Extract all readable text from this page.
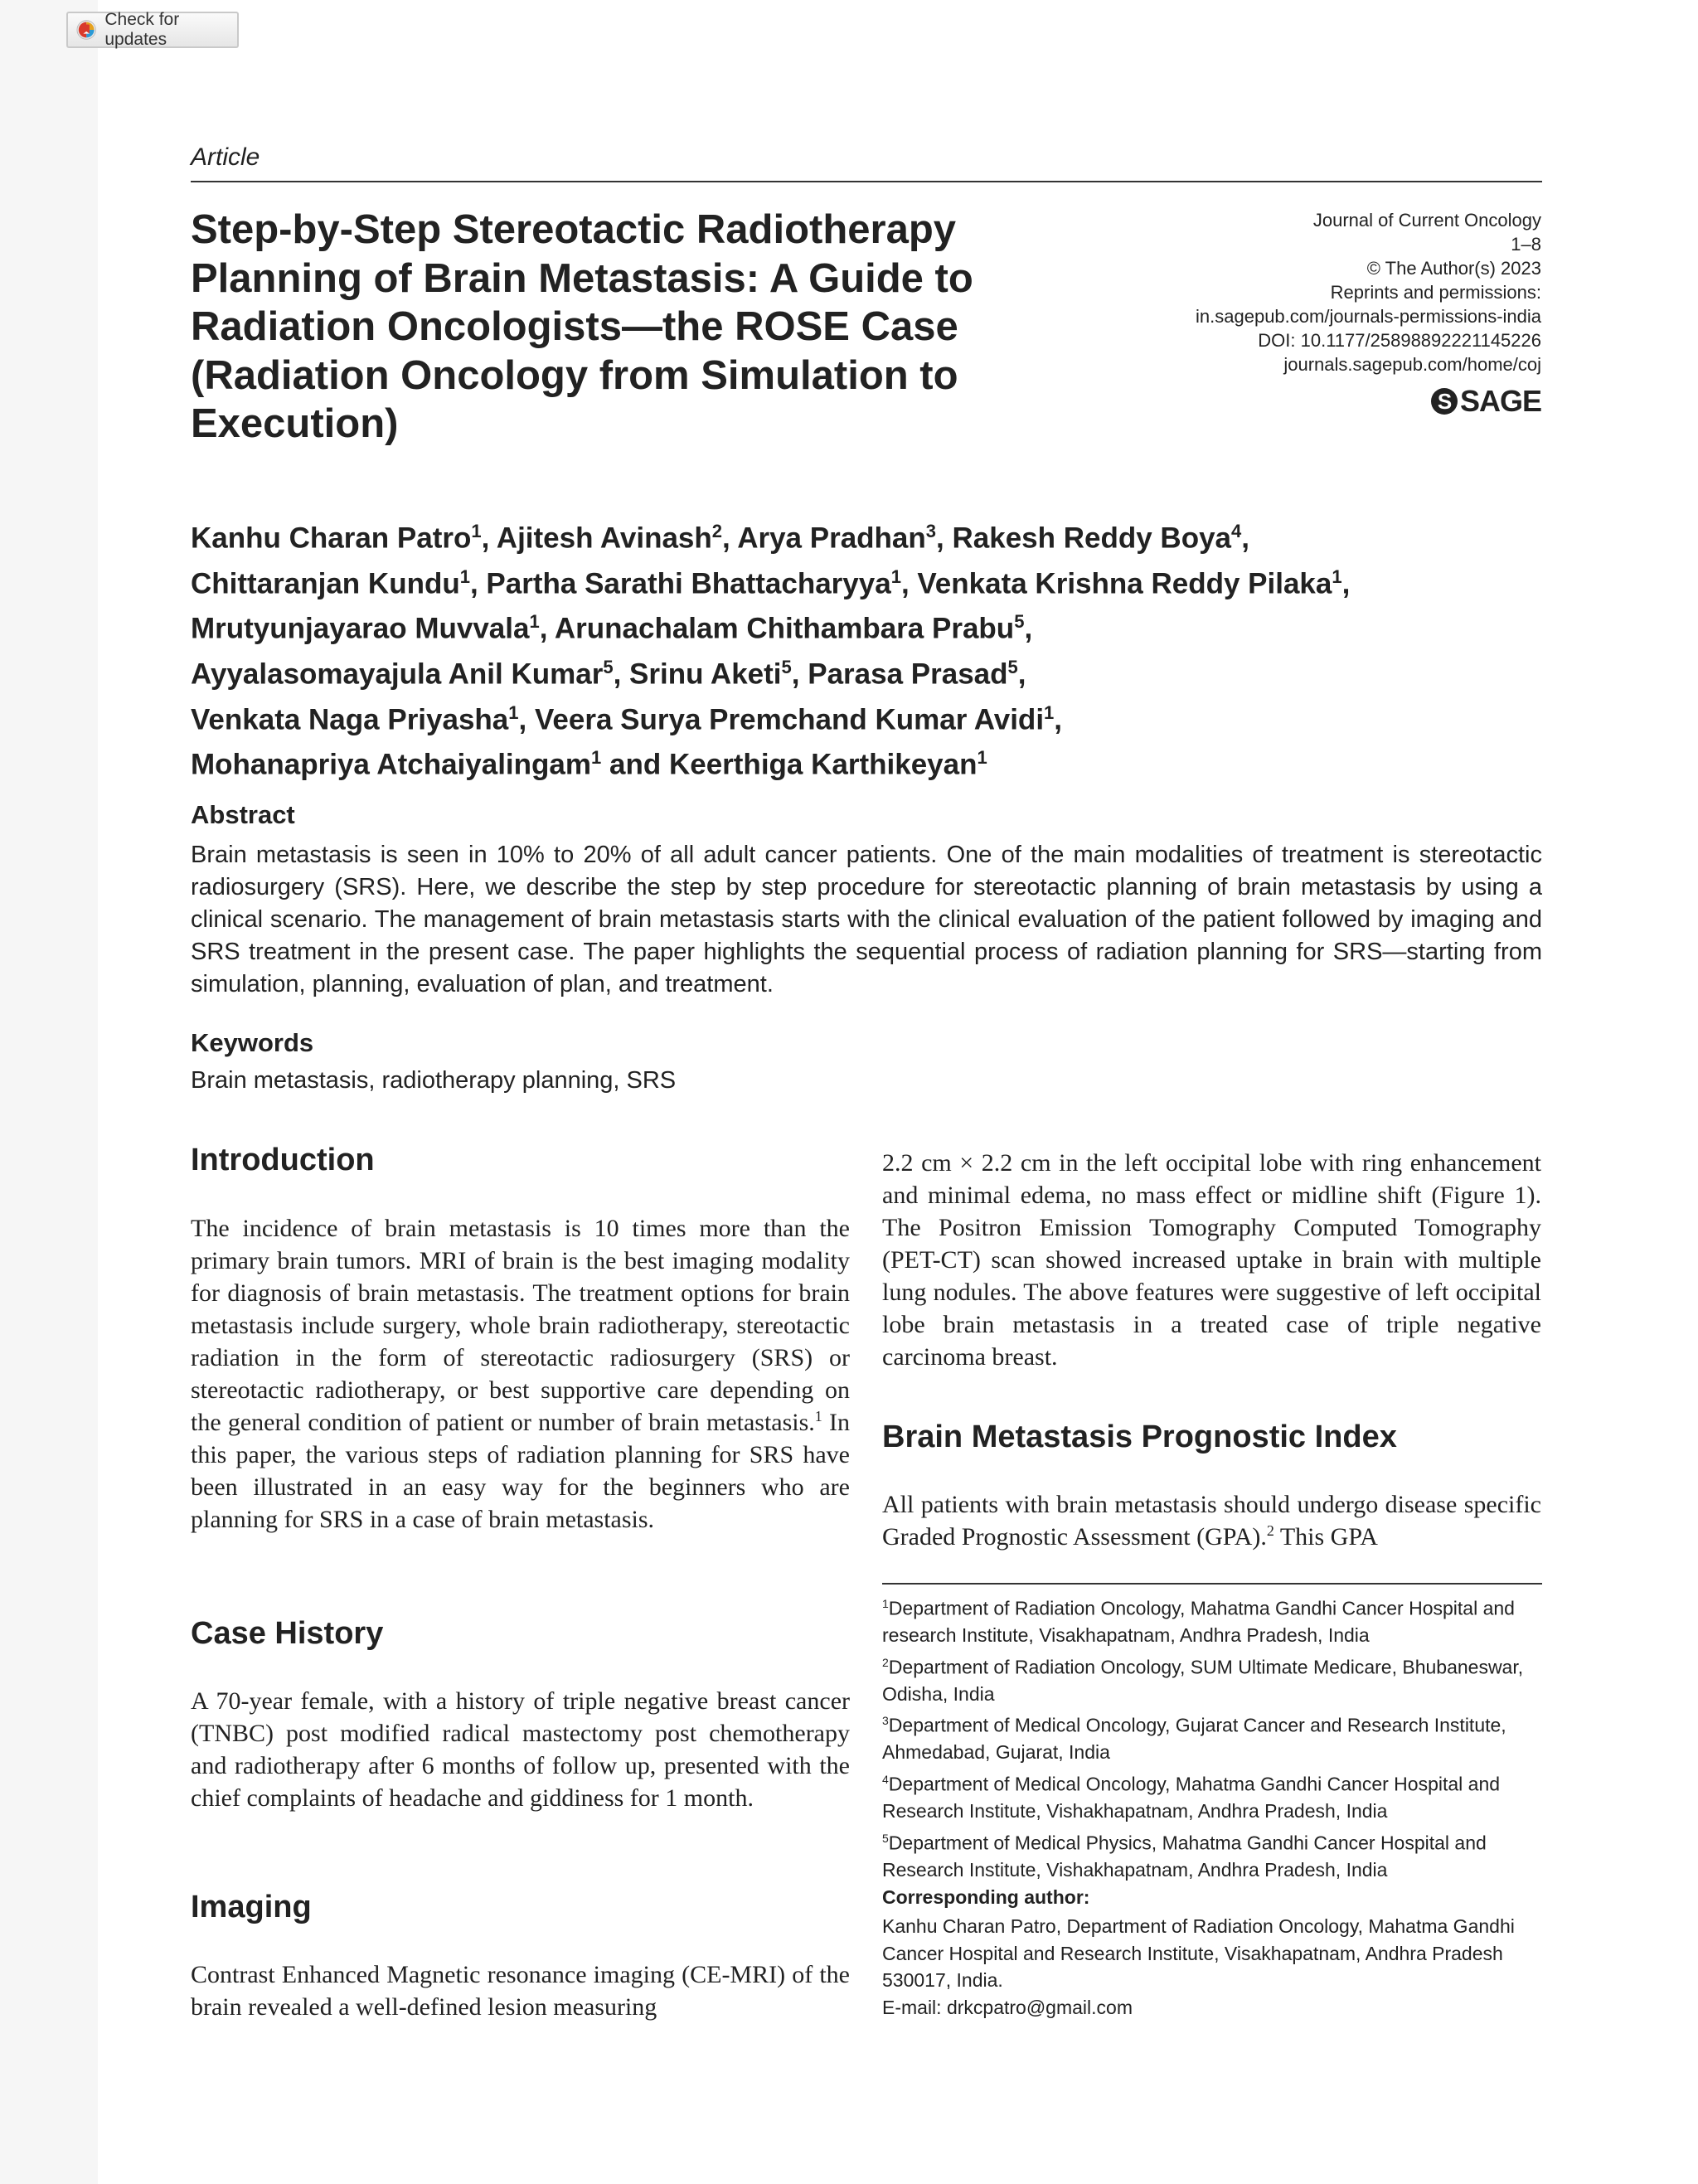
Check for updates
Article
Step-by-Step Stereotactic Radiotherapy Planning of Brain Metastasis: A Guide to Radiation Oncologists—the ROSE Case (Radiation Oncology from Simulation to Execution)
Journal of Current Oncology
1–8
© The Author(s) 2023
Reprints and permissions:
in.sagepub.com/journals-permissions-india
DOI: 10.1177/25898892221145226
journals.sagepub.com/home/coj
S SAGE
Kanhu Charan Patro$^1$, Ajitesh Avinash$^2$, Arya Pradhan$^3$, Rakesh Reddy Boya$^4$,
Chittaranjan Kundu$^1$, Partha Sarathi Bhattacharyya$^1$, Venkata Krishna Reddy Pilaka$^1$,
Mrutyunjayarao Muvvala$^1$, Arunachalam Chithambara Prabu$^5$,
Ayyalasomayajula Anil Kumar$^5$, Srinu Aketi$^5$, Parasa Prasad$^5$,
Venkata Naga Priyasha$^1$, Veera Surya Premchand Kumar Avidi$^1$,
Mohanapriya Atchaiyalingam$^1$ and Keerthiga Karthikeyan$^1$
Abstract

Brain metastasis is seen in 10% to 20% of all adult cancer patients. One of the main modalities of treatment is stereotactic radiosurgery (SRS). Here, we describe the step by step procedure for stereotactic planning of brain metastasis by using a clinical scenario. The management of brain metastasis starts with the clinical evaluation of the patient followed by imaging and SRS treatment in the present case. The paper highlights the sequential process of radiation planning for SRS—starting from simulation, planning, evaluation of plan, and treatment.

Keywords
Brain metastasis, radiotherapy planning, SRS
Introduction

The incidence of brain metastasis is 10 times more than the primary brain tumors. MRI of brain is the best imaging modality for diagnosis of brain metastasis. The treatment options for brain metastasis include surgery, whole brain radiotherapy, stereotactic radiation in the form of stereotactic radiosurgery (SRS) or stereotactic radiotherapy, or best supportive care depending on the general condition of patient or number of brain metastasis.$^1$ In this paper, the various steps of radiation planning for SRS have been illustrated in an easy way for the beginners who are planning for SRS in a case of brain metastasis.

Case History

A 70-year female, with a history of triple negative breast cancer (TNBC) post modified radical mastectomy post chemotherapy and radiotherapy after 6 months of follow up, presented with the chief complaints of headache and giddiness for 1 month.

Imaging

Contrast Enhanced Magnetic resonance imaging (CE-MRI) of the brain revealed a well-defined lesion measuring

2.2 cm × 2.2 cm in the left occipital lobe with ring enhancement and minimal edema, no mass effect or midline shift (Figure 1). The Positron Emission Tomography Computed Tomography (PET-CT) scan showed increased uptake in brain with multiple lung nodules. The above features were suggestive of left occipital lobe brain metastasis in a treated case of triple negative carcinoma breast.

Brain Metastasis Prognostic Index

All patients with brain metastasis should undergo disease specific Graded Prognostic Assessment (GPA).$^2$ This GPA

$^1$Department of Radiation Oncology, Mahatma Gandhi Cancer Hospital and research Institute, Visakhapatnam, Andhra Pradesh, India
$^2$Department of Radiation Oncology, SUM Ultimate Medicare, Bhubaneswar, Odisha, India
$^3$Department of Medical Oncology, Gujarat Cancer and Research Institute, Ahmedabad, Gujarat, India
$^4$Department of Medical Oncology, Mahatma Gandhi Cancer Hospital and Research Institute, Vishakhapatnam, Andhra Pradesh, India
$^5$Department of Medical Physics, Mahatma Gandhi Cancer Hospital and Research Institute, Vishakhapatnam, Andhra Pradesh, India
Corresponding author:
Kanhu Charan Patro, Department of Radiation Oncology, Mahatma Gandhi Cancer Hospital and Research Institute, Visakhapatnam, Andhra Pradesh 530017, India.
E-mail: drkcpatro@gmail.com
